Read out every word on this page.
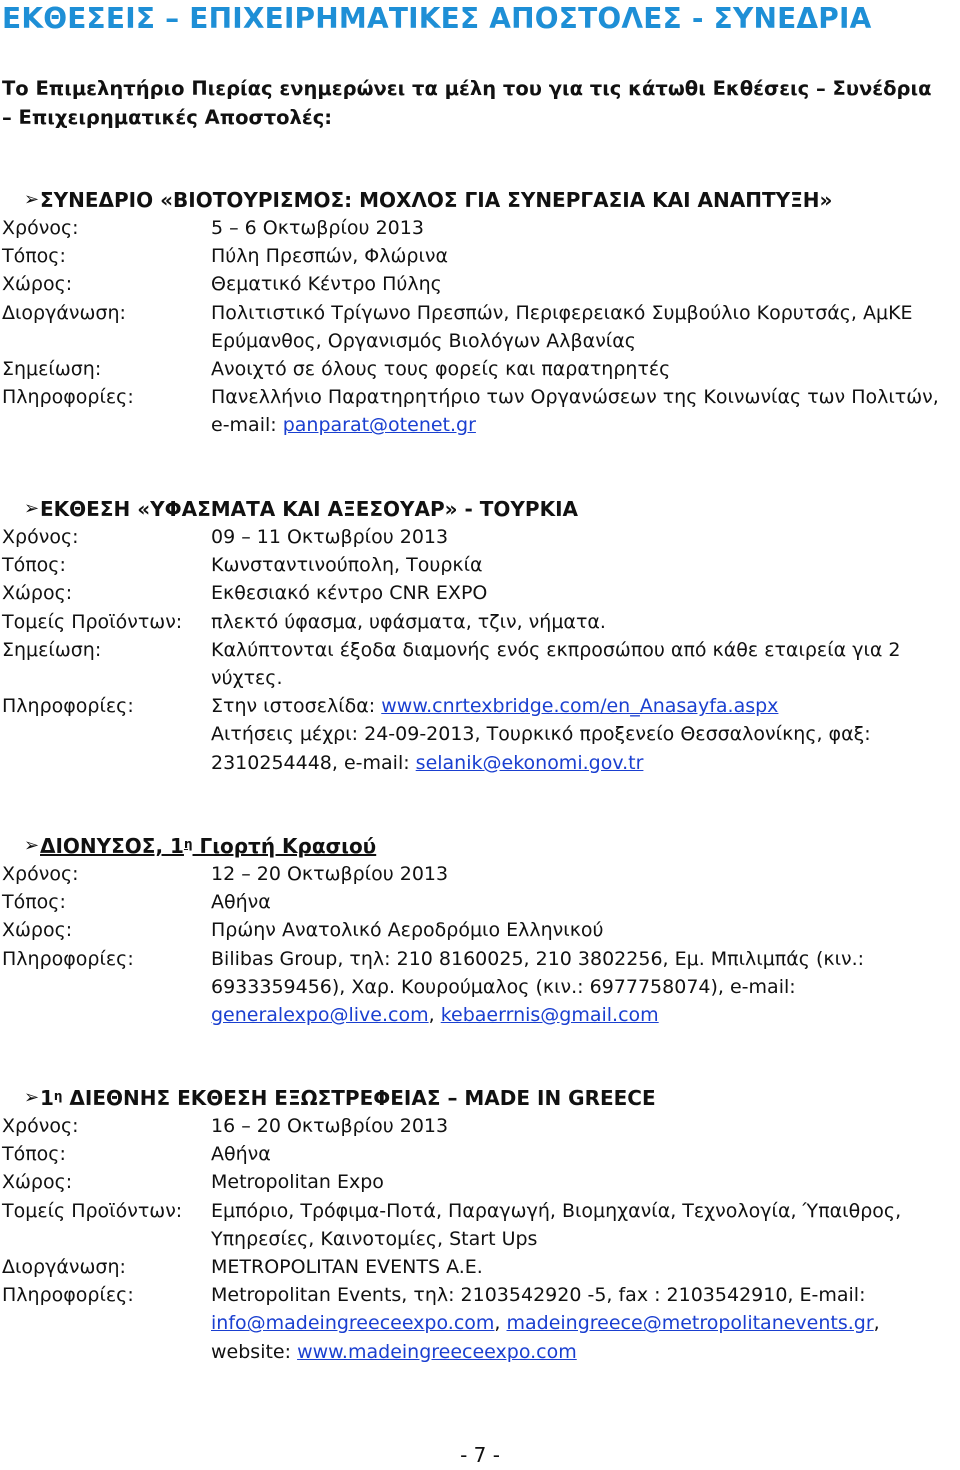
ΕΚΘΕΣΕΙΣ – ΕΠΙΧΕΙΡΗΜΑΤΙΚΕΣ ΑΠΟΣΤΟΛΕΣ - ΣΥΝΕΔΡΙΑ
Το Επιμελητήριο Πιερίας ενημερώνει τα μέλη του για τις κάτωθι Εκθέσεις – Συνέδρια – Επιχειρηματικές Αποστολές:
➢ ΣΥΝΕΔΡΙΟ «ΒΙΟΤΟΥΡΙΣΜΟΣ: ΜΟΧΛΟΣ ΓΙΑ ΣΥΝΕΡΓΑΣΙΑ ΚΑΙ ΑΝΑΠΤΥΞΗ»
Χρόνος:	5 – 6 Οκτωβρίου 2013
Τόπος:	Πύλη Πρεσπών, Φλώρινα
Χώρος:	Θεματικό Κέντρο Πύλης
Διοργάνωση:	Πολιτιστικό Τρίγωνο Πρεσπών, Περιφερειακό Συμβούλιο Κορυτσάς, ΑμΚΕ Ερύμανθος, Οργανισμός Βιολόγων Αλβανίας
Σημείωση:	Ανοιχτό σε όλους τους φορείς και παρατηρητές
Πληροφορίες:	Πανελλήνιο Παρατηρητήριο των Οργανώσεων της Κοινωνίας των Πολιτών, e-mail: panparat@otenet.gr
➢ ΕΚΘΕΣΗ «ΥΦΑΣΜΑΤΑ ΚΑΙ ΑΞΕΣΟΥΑΡ» - ΤΟΥΡΚΙΑ
Χρόνος:	09 – 11 Οκτωβρίου 2013
Τόπος:	Κωνσταντινούπολη, Τουρκία
Χώρος:	Εκθεσιακό κέντρο CNR EXPO
Τομείς Προϊόντων:	πλεκτό ύφασμα, υφάσματα, τζιν, νήματα.
Σημείωση:	Καλύπτονται έξοδα διαμονής ενός εκπροσώπου από κάθε εταιρεία για 2 νύχτες.
Πληροφορίες:	Στην ιστοσελίδα: www.cnrtexbridge.com/en_Anasayfa.aspx
Αιτήσεις μέχρι: 24-09-2013, Τουρκικό προξενείο Θεσσαλονίκης, φαξ: 2310254448, e-mail: selanik@ekonomi.gov.tr
➢ ΔΙΟΝΥΣΟΣ, $1^\eta$ Γιορτή Κρασιού
Χρόνος:	12 – 20 Οκτωβρίου 2013
Τόπος:	Αθήνα
Χώρος:	Πρώην Ανατολικό Αεροδρόμιο Ελληνικού
Πληροφορίες:	Bilibas Group, τηλ: 210 8160025, 210 3802256, Εμ. Μπιλιμπάς (κιν.: 6933359456), Χαρ. Κουρούμαλος (κιν.: 6977758074), e-mail: generalexpo@live.com, kebaerrnis@gmail.com
➢ $1^\eta$ ΔΙΕΘΝΗΣ ΕΚΘΕΣΗ ΕΞΩΣΤΡΕΦΕΙΑΣ – MADE IN GREECE
Χρόνος:	16 – 20 Οκτωβρίου 2013
Τόπος:	Αθήνα
Χώρος:	Metropolitan Expo
Τομείς Προϊόντων:	Εμπόριο, Τρόφιμα-Ποτά, Παραγωγή, Βιομηχανία, Τεχνολογία, Ύπαιθρος, Υπηρεσίες, Καινοτομίες, Start Ups
Διοργάνωση:	METROPOLITAN EVENTS A.E.
Πληροφορίες:	Metropolitan Events, τηλ: 2103542920 -5, fax : 2103542910, E-mail: info@madeingreeceexpo.com, madeingreece@metropolitanevents.gr, website: www.madeingreeceexpo.com
- 7 -
